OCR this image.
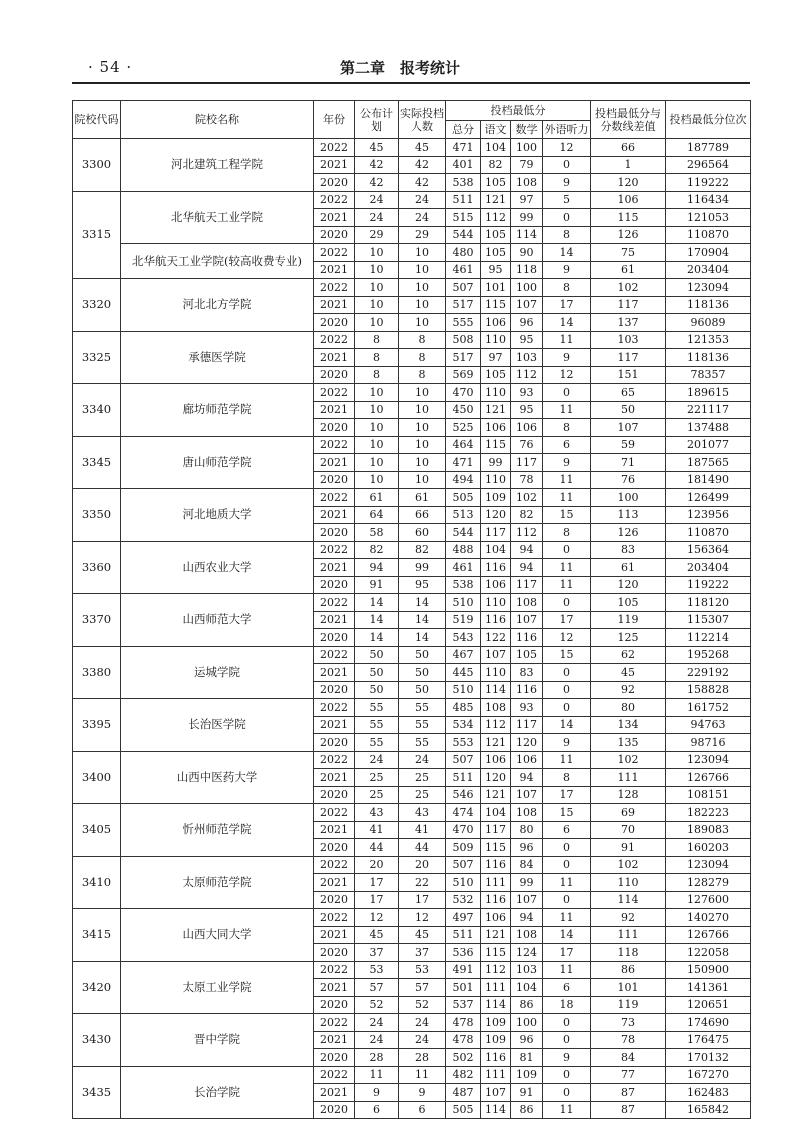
· 54 ·	第二章　报考统计
院校代码	院校名称	年份	公布计划	实际投档人数	投档最低分				投档最低分与分数线差值	投档最低分位次
					总分	语文	数学	外语听力		
3300	河北建筑工程学院	2022	45	45	471	104	100	12	66	187789
		2021	42	42	401	82	79	0	1	296564
		2020	42	42	538	105	108	9	120	119222
3315	北华航天工业学院	2022	24	24	511	121	97	5	106	116434
		2021	24	24	515	112	99	0	115	121053
		2020	29	29	544	105	114	8	126	110870
	北华航天工业学院(较高收费专业)	2022	10	10	480	105	90	14	75	170904
		2021	10	10	461	95	118	9	61	203404
3320	河北北方学院	2022	10	10	507	101	100	8	102	123094
		2021	10	10	517	115	107	17	117	118136
		2020	10	10	555	106	96	14	137	96089
3325	承德医学院	2022	8	8	508	110	95	11	103	121353
		2021	8	8	517	97	103	9	117	118136
		2020	8	8	569	105	112	12	151	78357
3340	廊坊师范学院	2022	10	10	470	110	93	0	65	189615
		2021	10	10	450	121	95	11	50	221117
		2020	10	10	525	106	106	8	107	137488
3345	唐山师范学院	2022	10	10	464	115	76	6	59	201077
		2021	10	10	471	99	117	9	71	187565
		2020	10	10	494	110	78	11	76	181490
3350	河北地质大学	2022	61	61	505	109	102	11	100	126499
		2021	64	66	513	120	82	15	113	123956
		2020	58	60	544	117	112	8	126	110870
3360	山西农业大学	2022	82	82	488	104	94	0	83	156364
		2021	94	99	461	116	94	11	61	203404
		2020	91	95	538	106	117	11	120	119222
3370	山西师范大学	2022	14	14	510	110	108	0	105	118120
		2021	14	14	519	116	107	17	119	115307
		2020	14	14	543	122	116	12	125	112214
3380	运城学院	2022	50	50	467	107	105	15	62	195268
		2021	50	50	445	110	83	0	45	229192
		2020	50	50	510	114	116	0	92	158828
3395	长治医学院	2022	55	55	485	108	93	0	80	161752
		2021	55	55	534	112	117	14	134	94763
		2020	55	55	553	121	120	9	135	98716
3400	山西中医药大学	2022	24	24	507	106	106	11	102	123094
		2021	25	25	511	120	94	8	111	126766
		2020	25	25	546	121	107	17	128	108151
3405	忻州师范学院	2022	43	43	474	104	108	15	69	182223
		2021	41	41	470	117	80	6	70	189083
		2020	44	44	509	115	96	0	91	160203
3410	太原师范学院	2022	20	20	507	116	84	0	102	123094
		2021	17	22	510	111	99	11	110	128279
		2020	17	17	532	116	107	0	114	127600
3415	山西大同大学	2022	12	12	497	106	94	11	92	140270
		2021	45	45	511	121	108	14	111	126766
		2020	37	37	536	115	124	17	118	122058
3420	太原工业学院	2022	53	53	491	112	103	11	86	150900
		2021	57	57	501	111	104	6	101	141361
		2020	52	52	537	114	86	18	119	120651
3430	晋中学院	2022	24	24	478	109	100	0	73	174690
		2021	24	24	478	109	96	0	78	176475
		2020	28	28	502	116	81	9	84	170132
3435	长治学院	2022	11	11	482	111	109	0	77	167270
		2021	9	9	487	107	91	0	87	162483
		2020	6	6	505	114	86	11	87	165842
